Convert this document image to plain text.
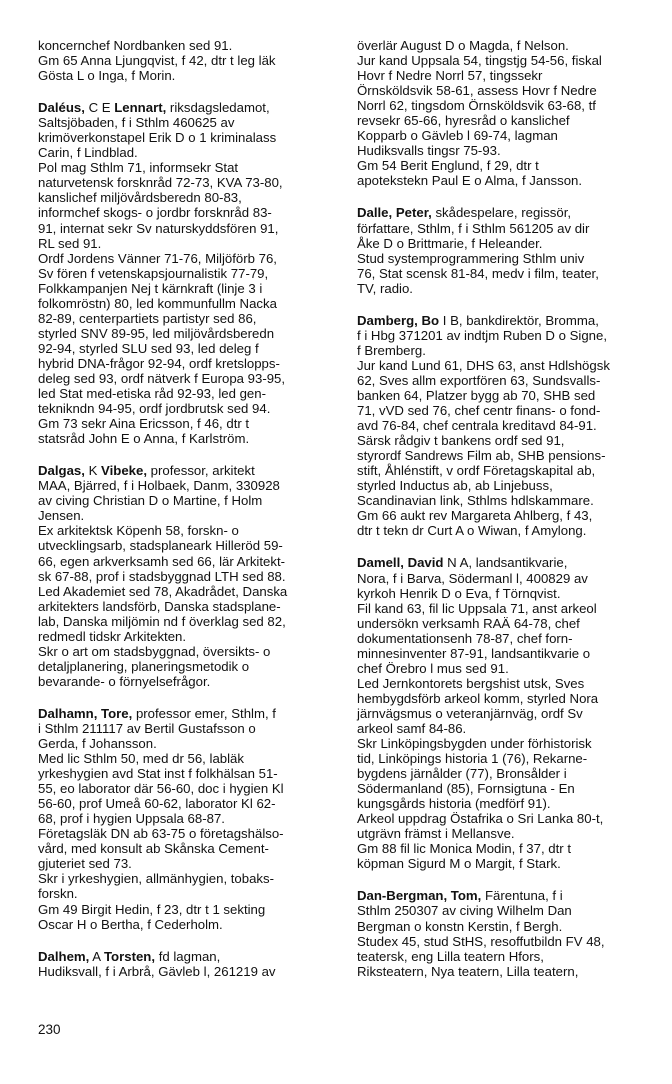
koncernchef Nordbanken sed 91.
Gm 65 Anna Ljungqvist, f 42, dtr t leg läk
Gösta L o Inga, f Morin.
Daléus, C E Lennart, riksdagsledamot,
Saltsjöbaden, f i Sthlm 460625 av
krimöverkonstapel Erik D o 1 kriminalass
Carin, f Lindblad.
Pol mag Sthlm 71, informsekr Stat
naturvetensk forsknråd 72-73, KVA 73-80,
kanslichef miljövårdsberedn 80-83,
informchef skogs- o jordbr forsknråd 83-
91, internat sekr Sv naturskyddsfören 91,
RL sed 91.
Ordf Jordens Vänner 71-76, Miljöförb 76,
Sv fören f vetenskapsjournalistik 77-79,
Folkkampanjen Nej t kärnkraft (linje 3 i
folkomröstn) 80, led kommunfullm Nacka
82-89, centerpartiets partistyr sed 86,
styrled SNV 89-95, led miljövårdsberedn
92-94, styrled SLU sed 93, led deleg f
hybrid DNA-frågor 92-94, ordf kretslopps-
deleg sed 93, ordf nätverk f Europa 93-95,
led Stat med-etiska råd 92-93, led gen-
teknikndn 94-95, ordf jordbrutsk sed 94.
Gm 73 sekr Aina Ericsson, f 46, dtr t
statsråd John E o Anna, f Karlström.
Dalgas, K Vibeke, professor, arkitekt
MAA, Bjärred, f i Holbaek, Danm, 330928
av civing Christian D o Martine, f Holm
Jensen.
Ex arkitektsk Köpenh 58, forskn- o
utvecklingsarb, stadsplaneark Hilleröd 59-
66, egen arkverksamh sed 66, lär Arkitekt-
sk 67-88, prof i stadsbyggnad LTH sed 88.
Led Akademiet sed 78, Akadrådet, Danska
arkitekters landsförb, Danska stadsplane-
lab, Danska miljömin nd f överklag sed 82,
redmedl tidskr Arkitekten.
Skr o art om stadsbyggnad, översikts- o
detaljplanering, planeringsmetodik o
bevarande- o förnyelsefrågor.
Dalhamn, Tore, professor emer, Sthlm, f
i Sthlm 211117 av Bertil Gustafsson o
Gerda, f Johansson.
Med lic Sthlm 50, med dr 56, labläk
yrkeshygien avd Stat inst f folkhälsan 51-
55, eo laborator där 56-60, doc i hygien Kl
56-60, prof Umeå 60-62, laborator Kl 62-
68, prof i hygien Uppsala 68-87.
Företagsläk DN ab 63-75 o företagshälso-
vård, med konsult ab Skånska Cement-
gjuteriet sed 73.
Skr i yrkeshygien, allmänhygien, tobaks-
forskn.
Gm 49 Birgit Hedin, f 23, dtr t 1 sekting
Oscar H o Bertha, f Cederholm.
Dalhem, A Torsten, fd lagman,
Hudiksvall, f i Arbrå, Gävleb l, 261219 av
överlär August D o Magda, f Nelson.
Jur kand Uppsala 54, tingstjg 54-56, fiskal
Hovr f Nedre Norrl 57, tingssekr
Örnsköldsvik 58-61, assess Hovr f Nedre
Norrl 62, tingsdom Örnsköldsvik 63-68, tf
revsekr 65-66, hyresråd o kanslichef
Kopparb o Gävleb l 69-74, lagman
Hudiksvalls tingsr 75-93.
Gm 54 Berit Englund, f 29, dtr t
apotekstekn Paul E o Alma, f Jansson.
Dalle, Peter, skådespelare, regissör,
författare, Sthlm, f i Sthlm 561205 av dir
Åke D o Brittmarie, f Heleander.
Stud systemprogrammering Sthlm univ
76, Stat scensk 81-84, medv i film, teater,
TV, radio.
Damberg, Bo I B, bankdirektör, Bromma,
f i Hbg 371201 av indtjm Ruben D o Signe,
f Bremberg.
Jur kand Lund 61, DHS 63, anst Hdlshögsk
62, Sves allm exportfören 63, Sundsvalls-
banken 64, Platzer bygg ab 70, SHB sed
71, vVD sed 76, chef centr finans- o fond-
avd 76-84, chef centrala kreditavd 84-91.
Särsk rådgiv t bankens ordf sed 91,
styrordf Sandrews Film ab, SHB pensions-
stift, Åhlénstift, v ordf Företagskapital ab,
styrled Inductus ab, ab Linjebuss,
Scandinavian link, Sthlms hdlskammare.
Gm 66 aukt rev Margareta Ahlberg, f 43,
dtr t tekn dr Curt A o Wiwan, f Amylong.
Damell, David N A, landsantikvarie,
Nora, f i Barva, Södermanl l, 400829 av
kyrkoh Henrik D o Eva, f Törnqvist.
Fil kand 63, fil lic Uppsala 71, anst arkeol
undersökn verksamh RAÄ 64-78, chef
dokumentationsenh 78-87, chef forn-
minnesinventer 87-91, landsantikvarie o
chef Örebro l mus sed 91.
Led Jernkontorets bergshist utsk, Sves
hembygdsförb arkeol komm, styrled Nora
järnvägsmus o veteranjärnväg, ordf Sv
arkeol samf 84-86.
Skr Linköpingsbygden under förhistorisk
tid, Linköpings historia 1 (76), Rekarne-
bygdens järnålder (77), Bronsålder i
Södermanland (85), Fornsigtuna - En
kungsgårds historia (medförf 91).
Arkeol uppdrag Östafrika o Sri Lanka 80-t,
utgrävn främst i Mellansve.
Gm 88 fil lic Monica Modin, f 37, dtr t
köpman Sigurd M o Margit, f Stark.
Dan-Bergman, Tom, Färentuna, f i
Sthlm 250307 av civing Wilhelm Dan
Bergman o konstn Kerstin, f Bergh.
Studex 45, stud StHS, resoffutbildn FV 48,
teatersk, eng Lilla teatern Hfors,
Riksteatern, Nya teatern, Lilla teatern,
230
